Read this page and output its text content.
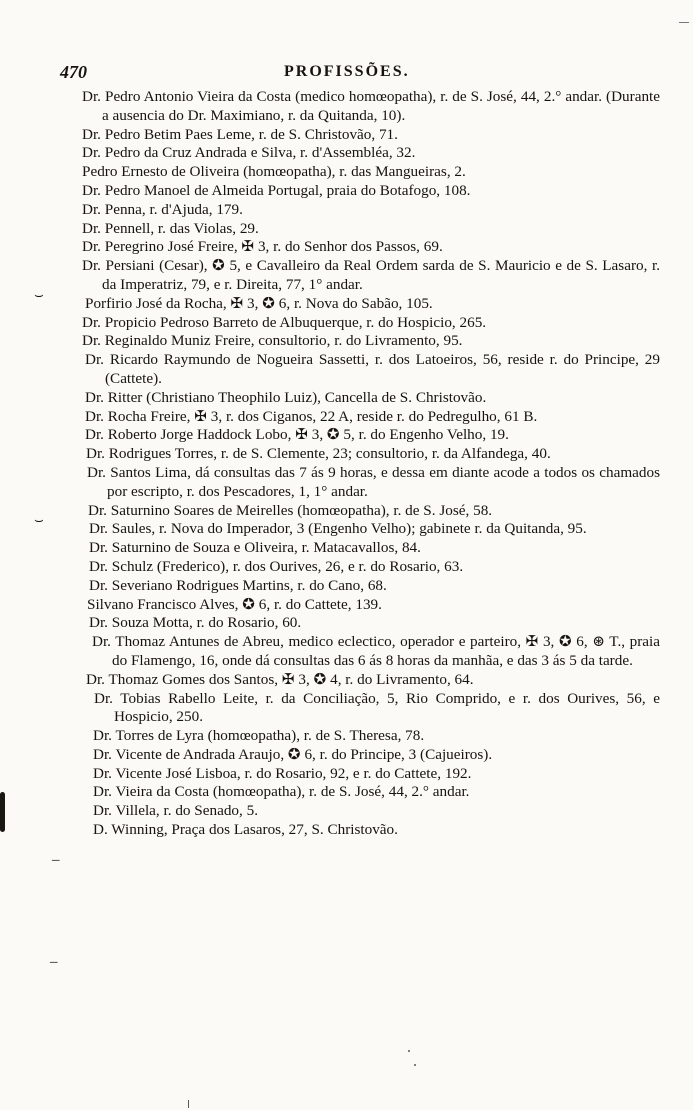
470	PROFISSÕES.

Dr. Pedro Antonio Vieira da Costa (medico homœopatha), r. de S. José, 44, 2.° andar. (Durante a ausencia do Dr. Maximiano, r. da Quitanda, 10).

Dr. Pedro Betim Paes Leme, r. de S. Christovão, 71.

Dr. Pedro da Cruz Andrada e Silva, r. d'Assembléa, 32.

Pedro Ernesto de Oliveira (homœopatha), r. das Mangueiras, 2.

Dr. Pedro Manoel de Almeida Portugal, praia do Botafogo, 108.

Dr. Penna, r. d'Ajuda, 179.

Dr. Pennell, r. das Violas, 29.

Dr. Peregrino José Freire, ✠ 3, r. do Senhor dos Passos, 69.

Dr. Persiani (Cesar), ✪ 5, e Cavalleiro da Real Ordem sarda de S. Mauricio e de S. Lasaro, r. da Imperatriz, 79, e r. Direita, 77, 1° andar.

Porfirio José da Rocha, ✠ 3, ✪ 6, r. Nova do Sabão, 105.

Dr. Propicio Pedroso Barreto de Albuquerque, r. do Hospicio, 265.

Dr. Reginaldo Muniz Freire, consultorio, r. do Livramento, 95.

Dr. Ricardo Raymundo de Nogueira Sassetti, r. dos Latoeiros, 56, reside r. do Principe, 29 (Cattete).

Dr. Ritter (Christiano Theophilo Luiz), Cancella de S. Christovão.

Dr. Rocha Freire, ✠ 3, r. dos Ciganos, 22 A, reside r. do Pedregulho, 61 B.

Dr. Roberto Jorge Haddock Lobo, ✠ 3, ✪ 5, r. do Engenho Velho, 19.

Dr. Rodrigues Torres, r. de S. Clemente, 23; consultorio, r. da Alfandega, 40.

Dr. Santos Lima, dá consultas das 7 ás 9 horas, e dessa em diante acode a todos os chamados por escripto, r. dos Pescadores, 1, 1° andar.

Dr. Saturnino Soares de Meirelles (homœopatha), r. de S. José, 58.

Dr. Saules, r. Nova do Imperador, 3 (Engenho Velho); gabinete r. da Quitanda, 95.

Dr. Saturnino de Souza e Oliveira, r. Matacavallos, 84.

Dr. Schulz (Frederico), r. dos Ourives, 26, e r. do Rosario, 63.

Dr. Severiano Rodrigues Martins, r. do Cano, 68.

Silvano Francisco Alves, ✪ 6, r. do Cattete, 139.

Dr. Souza Motta, r. do Rosario, 60.

Dr. Thomaz Antunes de Abreu, medico eclectico, operador e parteiro, ✠ 3, ✪ 6, ⊛ T., praia do Flamengo, 16, onde dá consultas das 6 ás 8 horas da manhãa, e das 3 ás 5 da tarde.

Dr. Thomaz Gomes dos Santos, ✠ 3, ✪ 4, r. do Livramento, 64.

Dr. Tobias Rabello Leite, r. da Conciliação, 5, Rio Comprido, e r. dos Ourives, 56, e Hospicio, 250.

Dr. Torres de Lyra (homœopatha), r. de S. Theresa, 78.

Dr. Vicente de Andrada Araujo, ✪ 6, r. do Principe, 3 (Cajueiros).

Dr. Vicente José Lisboa, r. do Rosario, 92, e r. do Cattete, 192.

Dr. Vieira da Costa (homœopatha), r. de S. José, 44, 2.° andar.

Dr. Villela, r. do Senado, 5.

D. Winning, Praça dos Lasaros, 27, S. Christovão.

⌣
⌣
–
–
